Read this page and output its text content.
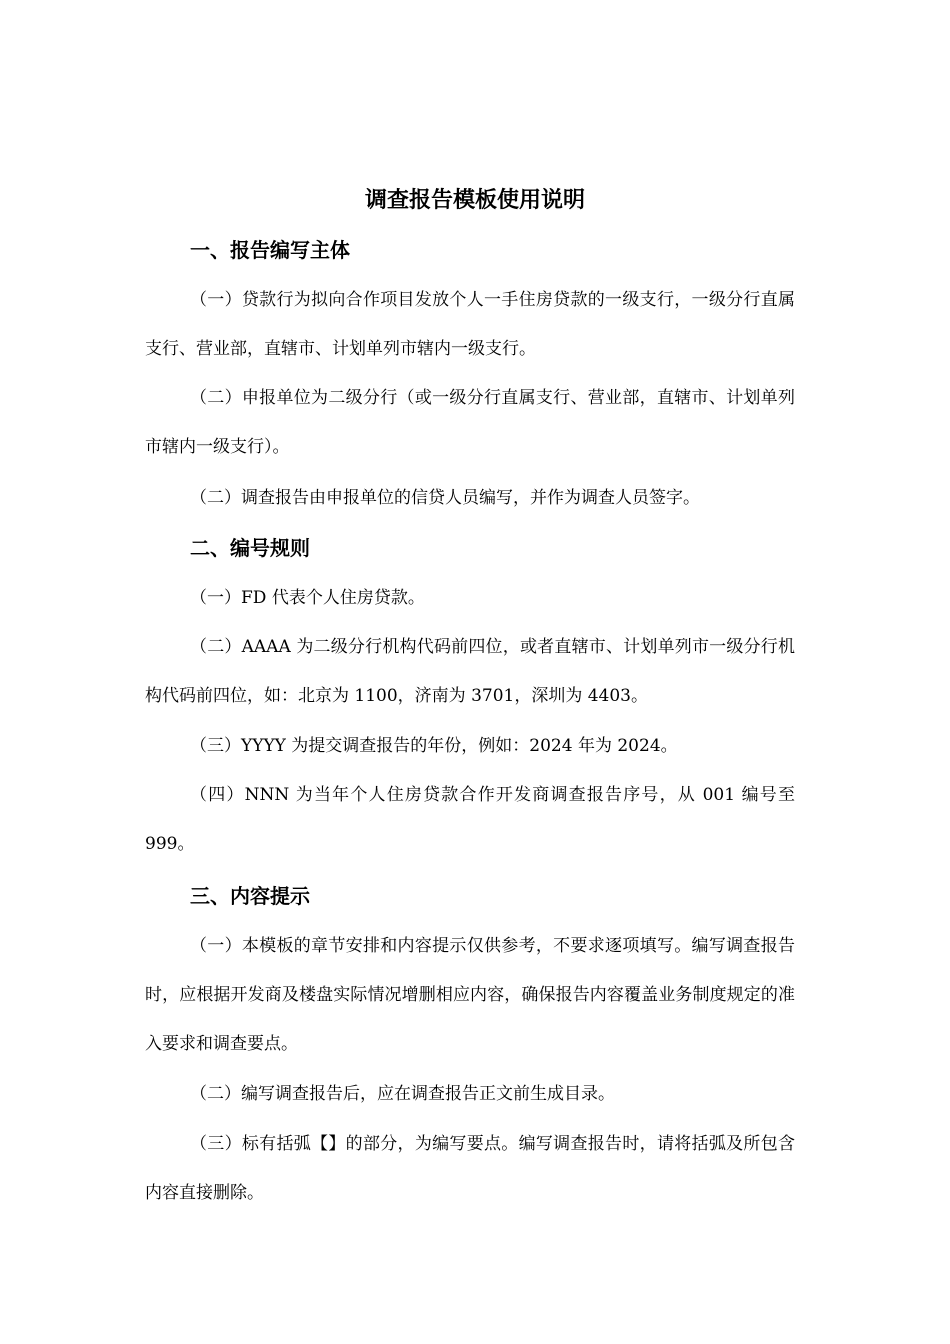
调查报告模板使用说明
一、报告编写主体

（一）贷款行为拟向合作项目发放个人一手住房贷款的一级支行，一级分行直属支行、营业部，直辖市、计划单列市辖内一级支行。

（二）申报单位为二级分行（或一级分行直属支行、营业部，直辖市、计划单列市辖内一级支行）。

（二）调查报告由申报单位的信贷人员编写，并作为调查人员签字。

二、编号规则

（一）FD 代表个人住房贷款。

（二）AAAA 为二级分行机构代码前四位，或者直辖市、计划单列市一级分行机构代码前四位，如：北京为 1100，济南为 3701，深圳为 4403。

（三）YYYY 为提交调查报告的年份，例如：2024 年为 2024。

（四）NNN 为当年个人住房贷款合作开发商调查报告序号，从 001 编号至 999。

三、内容提示

（一）本模板的章节安排和内容提示仅供参考，不要求逐项填写。编写调查报告时，应根据开发商及楼盘实际情况增删相应内容，确保报告内容覆盖业务制度规定的准入要求和调查要点。

（二）编写调查报告后，应在调查报告正文前生成目录。

（三）标有括弧【】的部分，为编写要点。编写调查报告时，请将括弧及所包含内容直接删除。
